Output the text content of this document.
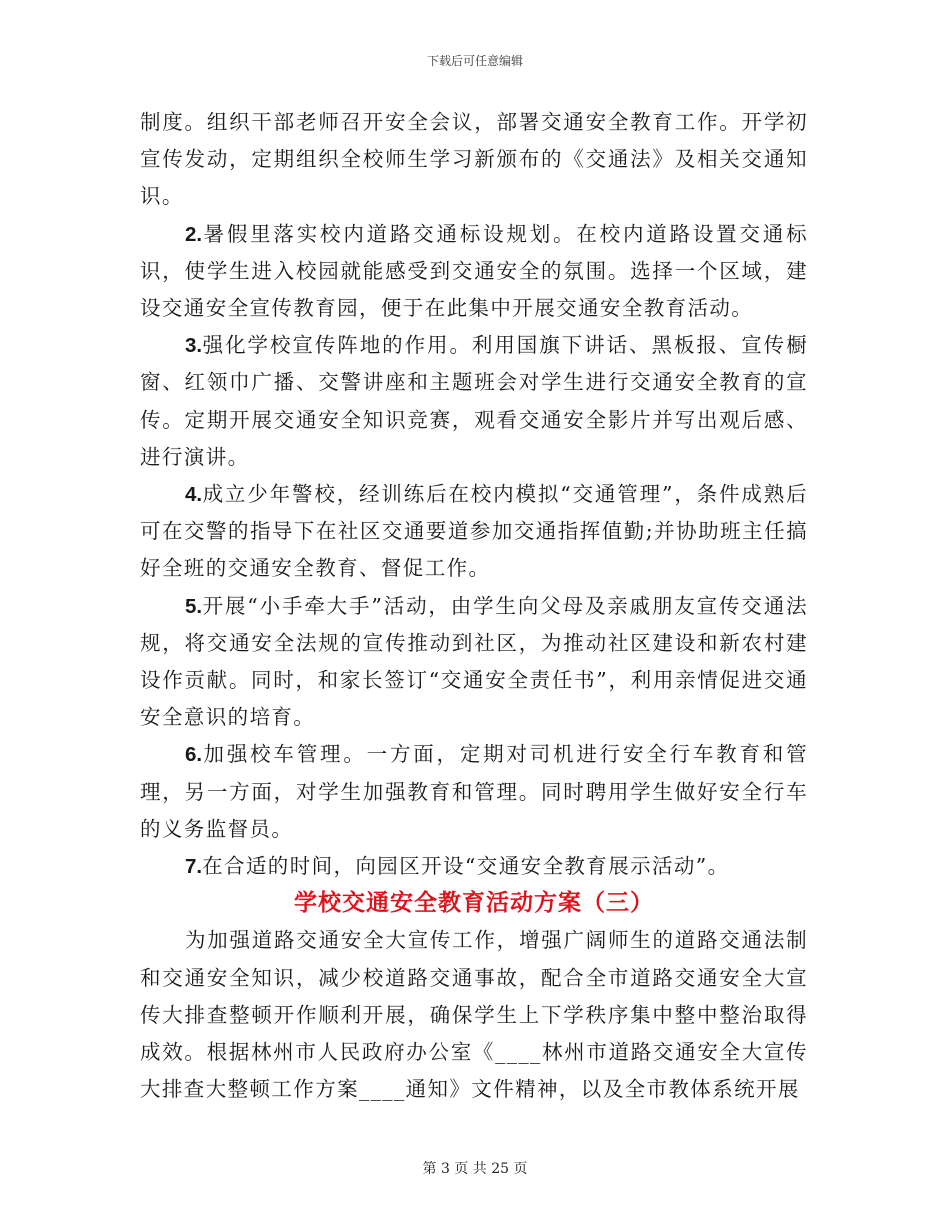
下载后可任意编辑

制度。组织干部老师召开安全会议，部署交通安全教育工作。开学初宣传发动，定期组织全校师生学习新颁布的《交通法》及相关交通知识。

2.暑假里落实校内道路交通标设规划。在校内道路设置交通标识，使学生进入校园就能感受到交通安全的氛围。选择一个区域，建设交通安全宣传教育园，便于在此集中开展交通安全教育活动。

3.强化学校宣传阵地的作用。利用国旗下讲话、黑板报、宣传橱窗、红领巾广播、交警讲座和主题班会对学生进行交通安全教育的宣传。定期开展交通安全知识竞赛，观看交通安全影片并写出观后感、进行演讲。

4.成立少年警校，经训练后在校内模拟“交通管理”，条件成熟后可在交警的指导下在社区交通要道参加交通指挥值勤;并协助班主任搞好全班的交通安全教育、督促工作。

5.开展“小手牵大手”活动，由学生向父母及亲戚朋友宣传交通法规，将交通安全法规的宣传推动到社区，为推动社区建设和新农村建设作贡献。同时，和家长签订“交通安全责任书”，利用亲情促进交通安全意识的培育。

6.加强校车管理。一方面，定期对司机进行安全行车教育和管理，另一方面，对学生加强教育和管理。同时聘用学生做好安全行车的义务监督员。

7.在合适的时间，向园区开设“交通安全教育展示活动”。

学校交通安全教育活动方案（三）

为加强道路交通安全大宣传工作，增强广阔师生的道路交通法制和交通安全知识，减少校道路交通事故，配合全市道路交通安全大宣传大排查整顿开作顺利开展，确保学生上下学秩序集中整中整治取得成效。根据林州市人民政府办公室《____林州市道路交通安全大宣传大排查大整顿工作方案____通知》文件精神，以及全市教体系统开展

第 3 页 共 25 页
